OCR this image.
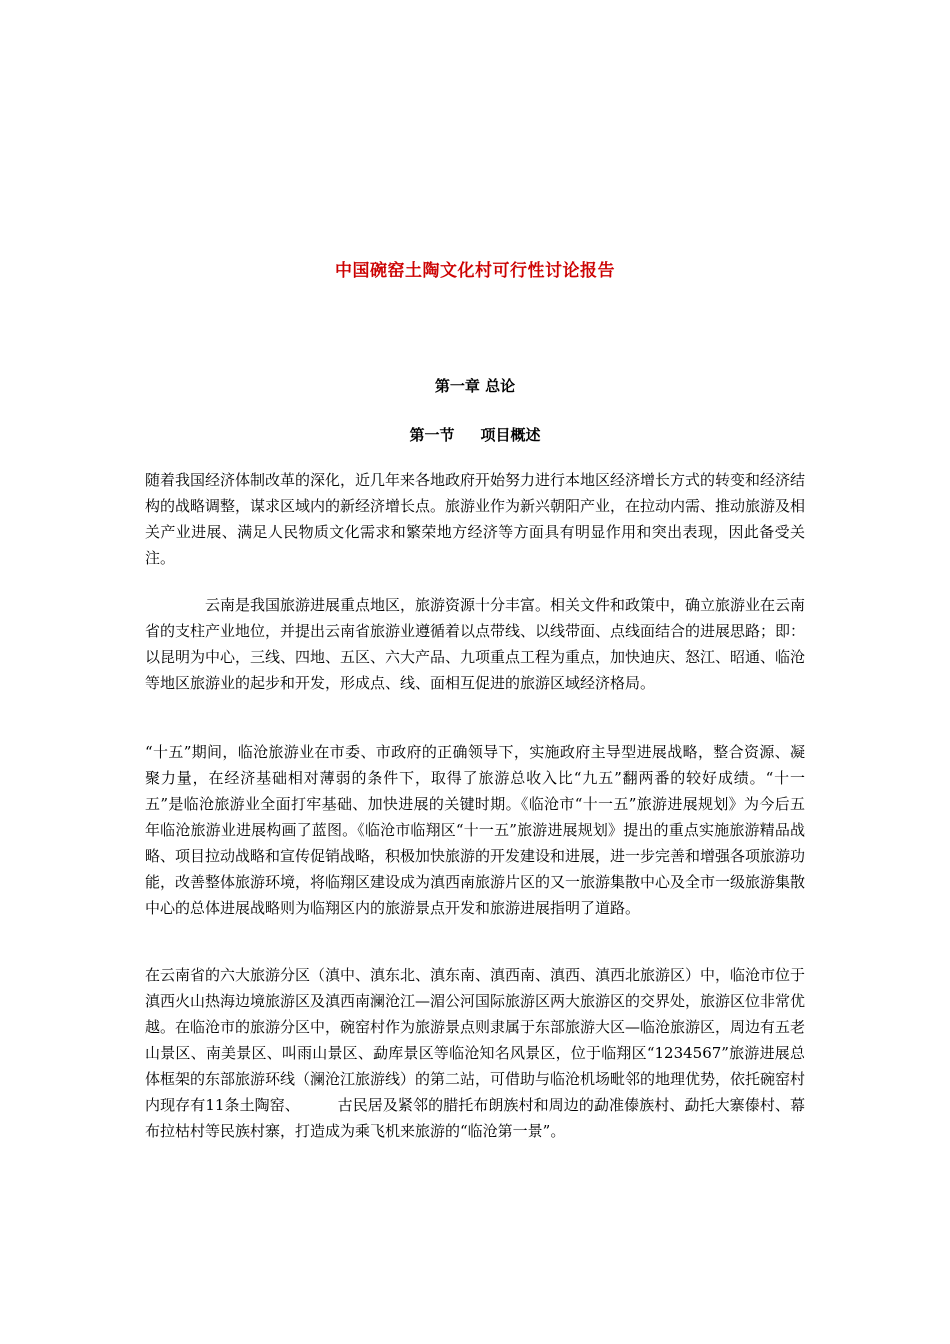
中国碗窑土陶文化村可行性讨论报告
第一章 总论
第一节 项目概述

随着我国经济体制改革的深化，近几年来各地政府开始努力进行本地区经济增长方式的转变和经济结构的战略调整，谋求区域内的新经济增长点。旅游业作为新兴朝阳产业，在拉动内需、推动旅游及相关产业进展、满足人民物质文化需求和繁荣地方经济等方面具有明显作用和突出表现，因此备受关注。

云南是我国旅游进展重点地区，旅游资源十分丰富。相关文件和政策中，确立旅游业在云南省的支柱产业地位，并提出云南省旅游业遵循着以点带线、以线带面、点线面结合的进展思路；即：以昆明为中心，三线、四地、五区、六大产品、九项重点工程为重点，加快迪庆、怒江、昭通、临沧等地区旅游业的起步和开发，形成点、线、面相互促进的旅游区域经济格局。

“十五”期间，临沧旅游业在市委、市政府的正确领导下，实施政府主导型进展战略，整合资源、凝聚力量，在经济基础相对薄弱的条件下，取得了旅游总收入比“九五”翻两番的较好成绩。“十一五”是临沧旅游业全面打牢基础、加快进展的关键时期。《临沧市“十一五”旅游进展规划》为今后五年临沧旅游业进展构画了蓝图。《临沧市临翔区“十一五”旅游进展规划》提出的重点实施旅游精品战略、项目拉动战略和宣传促销战略，积极加快旅游的开发建设和进展，进一步完善和增强各项旅游功能，改善整体旅游环境，将临翔区建设成为滇西南旅游片区的又一旅游集散中心及全市一级旅游集散中心的总体进展战略则为临翔区内的旅游景点开发和旅游进展指明了道路。

在云南省的六大旅游分区（滇中、滇东北、滇东南、滇西南、滇西、滇西北旅游区）中，临沧市位于滇西火山热海边境旅游区及滇西南澜沧江—湄公河国际旅游区两大旅游区的交界处，旅游区位非常优越。在临沧市的旅游分区中，碗窑村作为旅游景点则隶属于东部旅游大区—临沧旅游区，周边有五老山景区、南美景区、叫雨山景区、勐库景区等临沧知名风景区，位于临翔区“1234567”旅游进展总体框架的东部旅游环线（澜沧江旅游线）的第二站，可借助与临沧机场毗邻的地理优势，依托碗窑村内现存有11条土陶窑、　　　古民居及紧邻的腊托布朗族村和周边的勐准傣族村、勐托大寨傣村、幕布拉枯村等民族村寨，打造成为乘飞机来旅游的“临沧第一景”。
